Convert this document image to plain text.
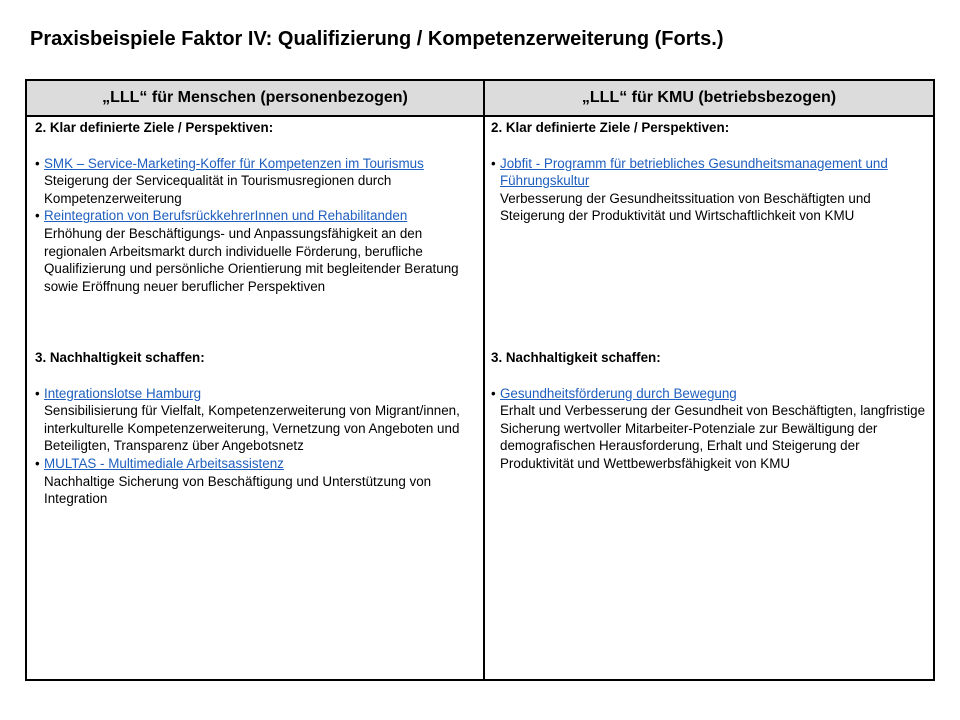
Praxisbeispiele Faktor IV: Qualifizierung / Kompetenzerweiterung (Forts.)
„LLL“ für Menschen (personenbezogen)	„LLL“ für KMU (betriebsbezogen)
2. Klar definierte Ziele / Perspektiven:
• SMK – Service-Marketing-Koffer für Kompetenzen im Tourismus
Steigerung der Servicequalität in Tourismusregionen durch Kompetenzerweiterung
• Reintegration von BerufsrückkehrerInnen und Rehabilitanden
Erhöhung der Beschäftigungs- und Anpassungsfähigkeit an den regionalen Arbeitsmarkt durch individuelle Förderung, berufliche Qualifizierung und persönliche Orientierung mit begleitender Beratung sowie Eröffnung neuer beruflicher Perspektiven
3. Nachhaltigkeit schaffen:
• Integrationslotse Hamburg
Sensibilisierung für Vielfalt, Kompetenzerweiterung von Migrant/innen, interkulturelle Kompetenzerweiterung, Vernetzung von Angeboten und Beteiligten, Transparenz über Angebotsnetz
• MULTAS - Multimediale Arbeitsassistenz
Nachhaltige Sicherung von Beschäftigung und Unterstützung von Integration
2. Klar definierte Ziele / Perspektiven:
• Jobfit - Programm für betriebliches Gesundheitsmanagement und Führungskultur
Verbesserung der Gesundheitssituation von Beschäftigten und Steigerung der Produktivität und Wirtschaftlichkeit von KMU
3. Nachhaltigkeit schaffen:
• Gesundheitsförderung durch Bewegung
Erhalt und Verbesserung der Gesundheit von Beschäftigten, langfristige Sicherung wertvoller Mitarbeiter-Potenziale zur Bewältigung der demografischen Herausforderung, Erhalt und Steigerung der Produktivität und Wettbewerbsfähigkeit von KMU
